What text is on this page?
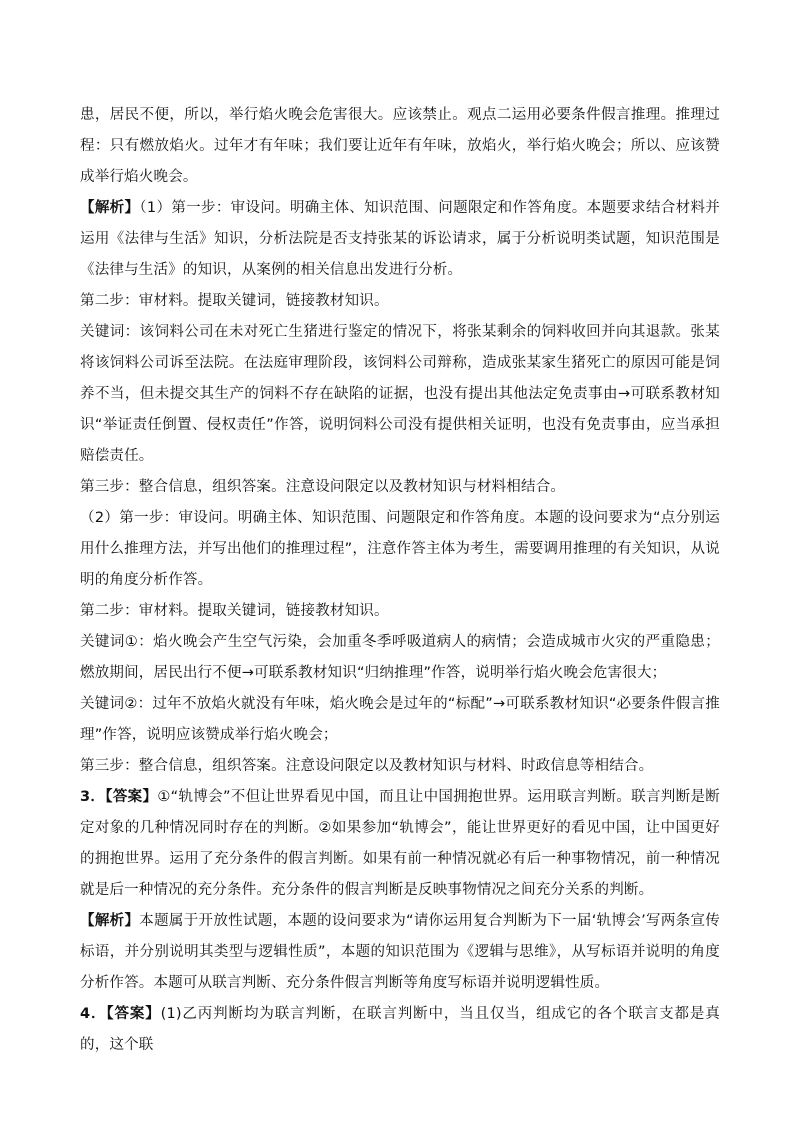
患，居民不便，所以，举行焰火晚会危害很大。应该禁止。观点二运用必要条件假言推理。推理过程：只有燃放焰火。过年才有年味；我们要让近年有年味，放焰火，举行焰火晚会；所以、应该赞成举行焰火晚会。

【解析】（1）第一步：审设问。明确主体、知识范围、问题限定和作答角度。本题要求结合材料并运用《法律与生活》知识，分析法院是否支持张某的诉讼请求，属于分析说明类试题，知识范围是《法律与生活》的知识，从案例的相关信息出发进行分析。

第二步：审材料。提取关键词，链接教材知识。

关键词：该饲料公司在未对死亡生猪进行鉴定的情况下，将张某剩余的饲料收回并向其退款。张某将该饲料公司诉至法院。在法庭审理阶段，该饲料公司辩称，造成张某家生猪死亡的原因可能是饲养不当，但未提交其生产的饲料不存在缺陷的证据，也没有提出其他法定免责事由→可联系教材知识“举证责任倒置、侵权责任”作答，说明饲料公司没有提供相关证明，也没有免责事由，应当承担赔偿责任。

第三步：整合信息，组织答案。注意设问限定以及教材知识与材料相结合。

（2）第一步：审设问。明确主体、知识范围、问题限定和作答角度。本题的设问要求为“点分别运用什么推理方法，并写出他们的推理过程”，注意作答主体为考生，需要调用推理的有关知识，从说明的角度分析作答。

第二步：审材料。提取关键词，链接教材知识。

关键词①：焰火晚会产生空气污染，会加重冬季呼吸道病人的病情；会造成城市火灾的严重隐患；燃放期间，居民出行不便→可联系教材知识“归纳推理”作答，说明举行焰火晚会危害很大；

关键词②：过年不放焰火就没有年味，焰火晚会是过年的“标配”→可联系教材知识“必要条件假言推理”作答，说明应该赞成举行焰火晚会；

第三步：整合信息，组织答案。注意设问限定以及教材知识与材料、时政信息等相结合。

3．【答案】①“轨博会”不但让世界看见中国，而且让中国拥抱世界。运用联言判断。联言判断是断定对象的几种情况同时存在的判断。②如果参加“轨博会”，能让世界更好的看见中国，让中国更好的拥抱世界。运用了充分条件的假言判断。如果有前一种情况就必有后一种事物情况，前一种情况就是后一种情况的充分条件。充分条件的假言判断是反映事物情况之间充分关系的判断。

【解析】本题属于开放性试题，本题的设问要求为“请你运用复合判断为下一届‘轨博会’写两条宣传标语，并分别说明其类型与逻辑性质”，本题的知识范围为《逻辑与思维》，从写标语并说明的角度分析作答。本题可从联言判断、充分条件假言判断等角度写标语并说明逻辑性质。

4．【答案】(1)乙丙判断均为联言判断，在联言判断中，当且仅当，组成它的各个联言支都是真的，这个联
